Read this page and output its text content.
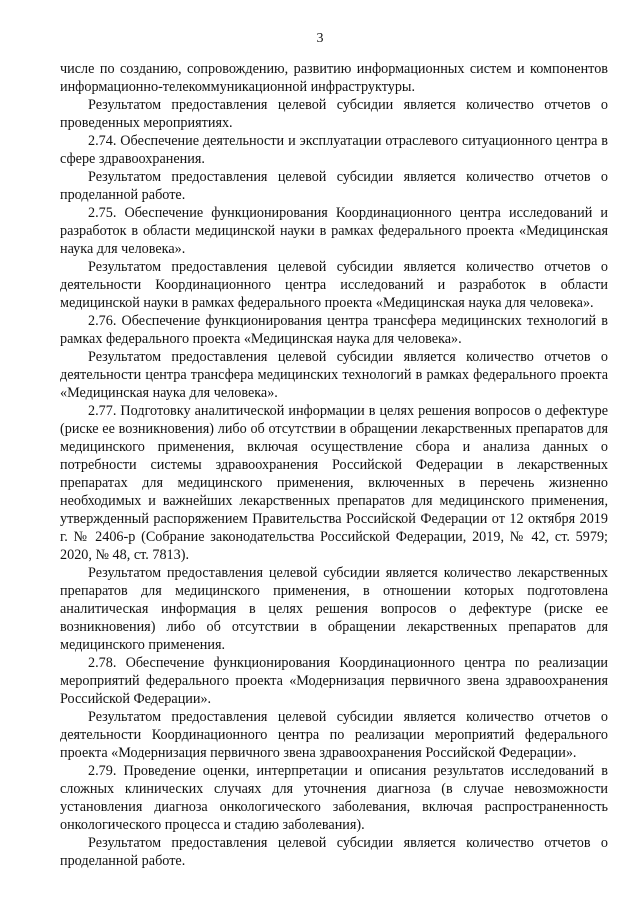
3

числе по созданию, сопровождению, развитию информационных систем и компонентов информационно-телекоммуникационной инфраструктуры.

Результатом предоставления целевой субсидии является количество отчетов о проведенных мероприятиях.

2.74. Обеспечение деятельности и эксплуатации отраслевого ситуационного центра в сфере здравоохранения.

Результатом предоставления целевой субсидии является количество отчетов о проделанной работе.

2.75. Обеспечение функционирования Координационного центра исследований и разработок в области медицинской науки в рамках федерального проекта «Медицинская наука для человека».

Результатом предоставления целевой субсидии является количество отчетов о деятельности Координационного центра исследований и разработок в области медицинской науки в рамках федерального проекта «Медицинская наука для человека».

2.76. Обеспечение функционирования центра трансфера медицинских технологий в рамках федерального проекта «Медицинская наука для человека».

Результатом предоставления целевой субсидии является количество отчетов о деятельности центра трансфера медицинских технологий в рамках федерального проекта «Медицинская наука для человека».

2.77. Подготовку аналитической информации в целях решения вопросов о дефектуре (риске ее возникновения) либо об отсутствии в обращении лекарственных препаратов для медицинского применения, включая осуществление сбора и анализа данных о потребности системы здравоохранения Российской Федерации в лекарственных препаратах для медицинского применения, включенных в перечень жизненно необходимых и важнейших лекарственных препаратов для медицинского применения, утвержденный распоряжением Правительства Российской Федерации от 12 октября 2019 г. № 2406-р (Собрание законодательства Российской Федерации, 2019, № 42, ст. 5979; 2020, № 48, ст. 7813).

Результатом предоставления целевой субсидии является количество лекарственных препаратов для медицинского применения, в отношении которых подготовлена аналитическая информация в целях решения вопросов о дефектуре (риске ее возникновения) либо об отсутствии в обращении лекарственных препаратов для медицинского применения.

2.78. Обеспечение функционирования Координационного центра по реализации мероприятий федерального проекта «Модернизация первичного звена здравоохранения Российской Федерации».

Результатом предоставления целевой субсидии является количество отчетов о деятельности Координационного центра по реализации мероприятий федерального проекта «Модернизация первичного звена здравоохранения Российской Федерации».

2.79. Проведение оценки, интерпретации и описания результатов исследований в сложных клинических случаях для уточнения диагноза (в случае невозможности установления диагноза онкологического заболевания, включая распространенность онкологического процесса и стадию заболевания).

Результатом предоставления целевой субсидии является количество отчетов о проделанной работе.
